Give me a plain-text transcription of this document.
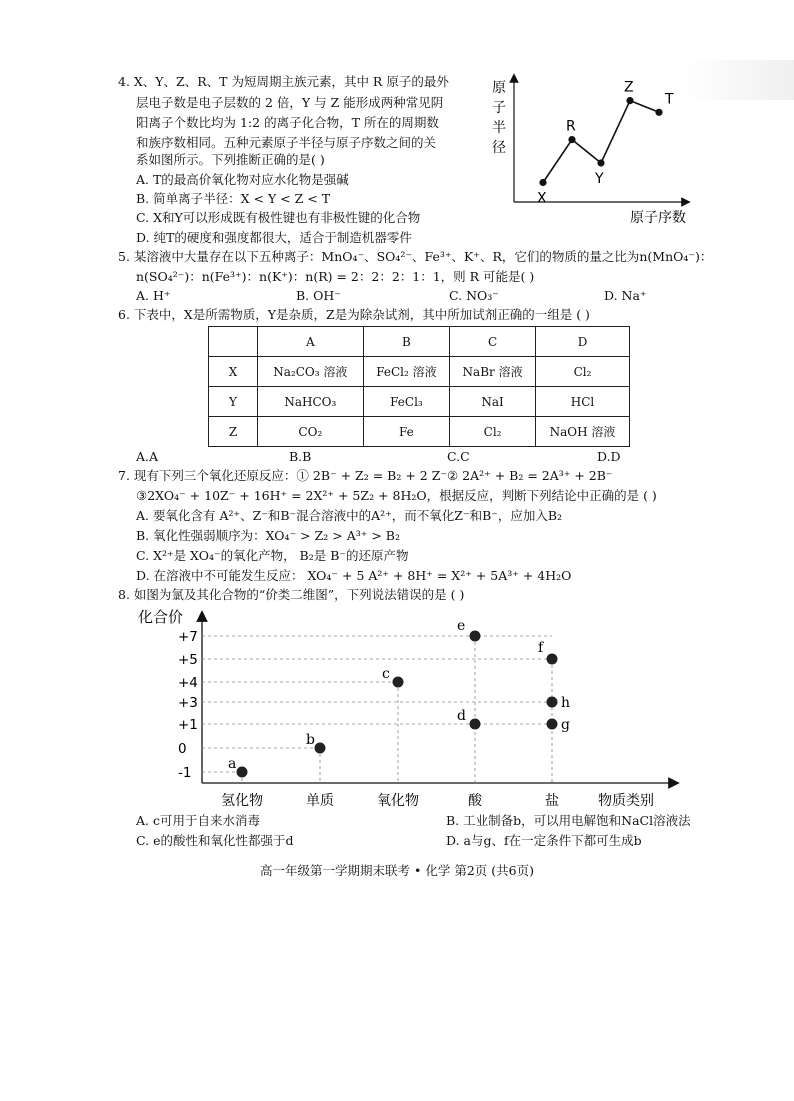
4. X、Y、Z、R、T 为短周期主族元素，其中 R 原子的最外
层电子数是电子层数的 2 倍，Y 与 Z 能形成两种常见阴
阳离子个数比均为 1:2 的离子化合物，T 所在的周期数
和族序数相同。五种元素原子半径与原子序数之间的关
系如图所示。下列推断正确的是( )
A. T的最高价氧化物对应水化物是强碱
B. 简单离子半径：X < Y < Z < T
C. X和Y可以形成既有极性键也有非极性键的化合物
D. 纯T的硬度和强度都很大，适合于制造机器零件
原
子
半
径
原子序数
X
R
Y
Z
T
5. 某溶液中大量存在以下五种离子：MnO₄⁻、SO₄²⁻、Fe³⁺、K⁺、R，它们的物质的量之比为n(MnO₄⁻)：
n(SO₄²⁻)：n(Fe³⁺)：n(K⁺)：n(R) = 2：2：2：1：1，则 R 可能是( )
A. H⁺	B. OH⁻	C. NO₃⁻	D. Na⁺
6. 下表中，X是所需物质，Y是杂质，Z是为除杂试剂，其中所加试剂正确的一组是 ( )
	A	B	C	D
X	Na₂CO₃ 溶液	FeCl₂ 溶液	NaBr 溶液	Cl₂
Y	NaHCO₃	FeCl₃	NaI	HCl
Z	CO₂	Fe	Cl₂	NaOH 溶液
A.A	B.B	C.C	D.D
7. 现有下列三个氧化还原反应：① 2B⁻ + Z₂ = B₂ + 2 Z⁻② 2A²⁺ + B₂ = 2A³⁺ + 2B⁻
③2XO₄⁻ + 10Z⁻ + 16H⁺ = 2X²⁺ + 5Z₂ + 8H₂O，根据反应，判断下列结论中正确的是 ( )
A. 要氧化含有 A²⁺、Z⁻和B⁻混合溶液中的A²⁺，而不氧化Z⁻和B⁻，应加入B₂
B. 氧化性强弱顺序为：XO₄⁻ > Z₂ > A³⁺ > B₂
C. X²⁺是 XO₄⁻的氧化产物， B₂是 B⁻的还原产物
D. 在溶液中不可能发生反应： XO₄⁻ + 5 A²⁺ + 8H⁺ = X²⁺ + 5A³⁺ + 4H₂O
8. 如图为氯及其化合物的“价类二维图”，下列说法错误的是 ( )
化合价
物质类别
+7
+5
+4
+3
+1
0
-1
氢化物	单质	氧化物	酸	盐
a
b
c
d
e
f
g
h
A. c可用于自来水消毒	B. 工业制备b，可以用电解饱和NaCl溶液法
C. e的酸性和氧化性都强于d	D. a与g、f在一定条件下都可生成b
高一年级第一学期期末联考 • 化学 第2页 (共6页)
